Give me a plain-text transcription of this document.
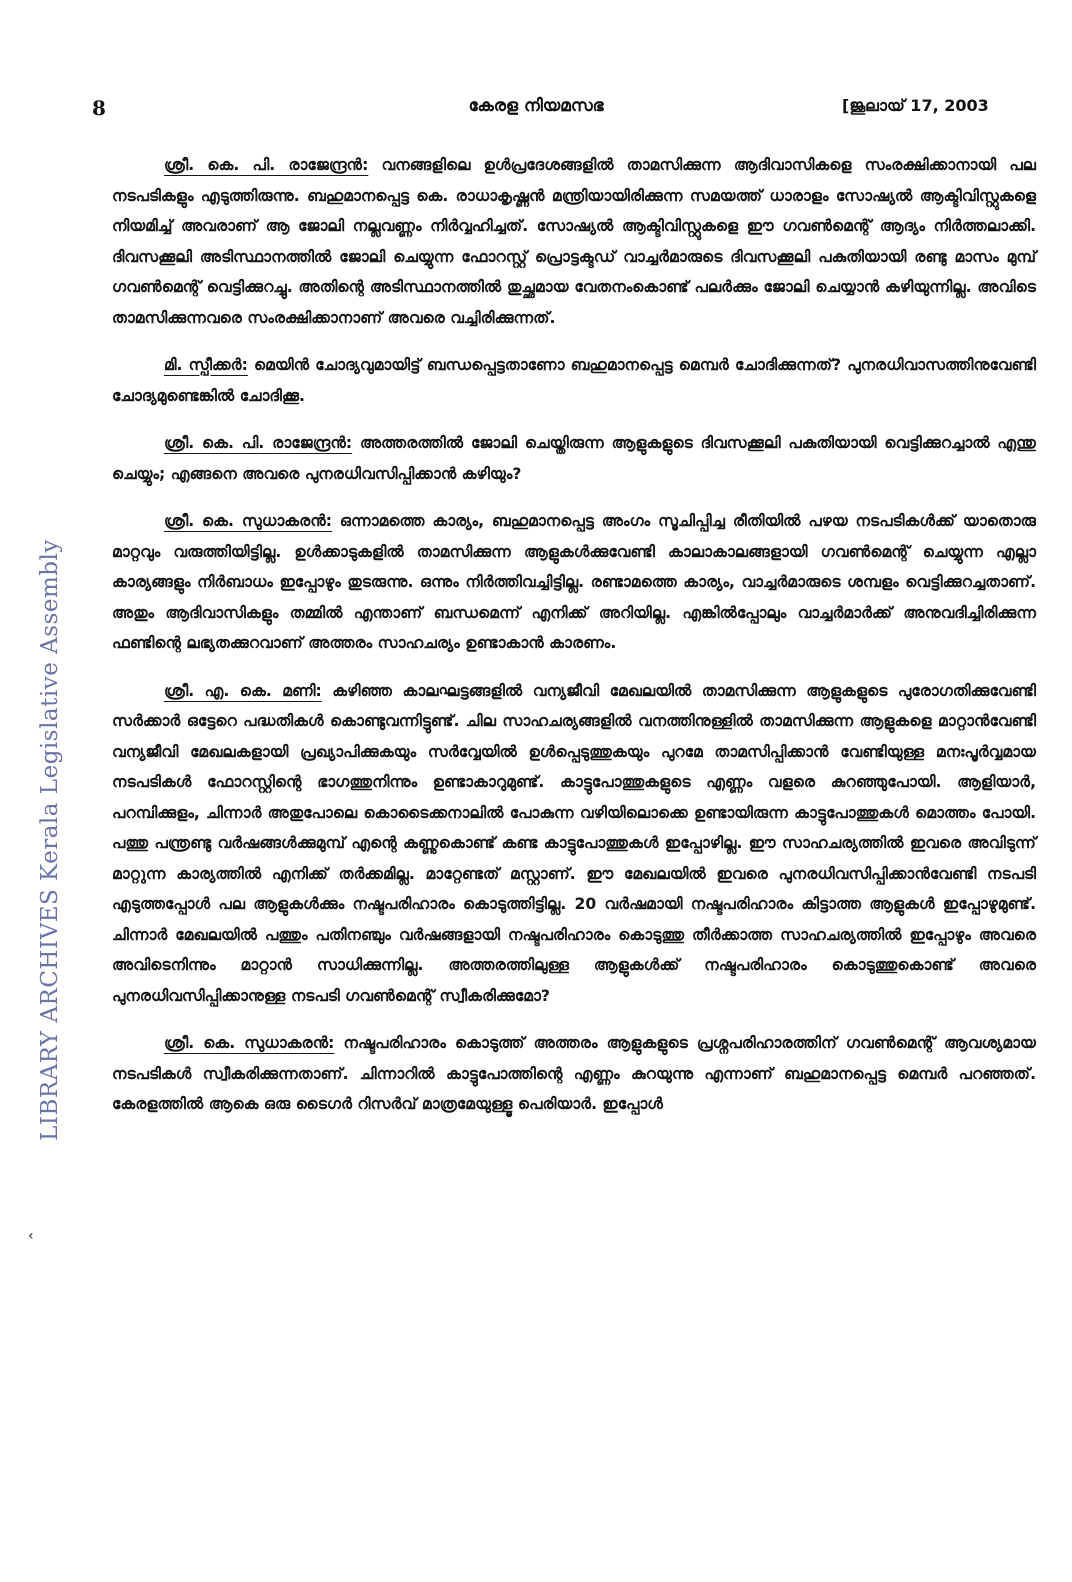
8	കേരള നിയമസഭ	[ജൂലായ് 17, 2003
LIBRARY ARCHIVES Kerala Legislative Assembly

ശ്രീ. കെ. പി. രാജേന്ദ്രൻ: വനങ്ങളിലെ ഉൾപ്രദേശങ്ങളിൽ താമസിക്കുന്ന ആദിവാസികളെ സംരക്ഷിക്കാനായി പല നടപടികളും എടുത്തിരുന്നു. ബഹുമാനപ്പെട്ട കെ. രാധാകൃഷ്ണൻ മന്ത്രിയായിരിക്കുന്ന സമയത്ത് ധാരാളം സോഷ്യൽ ആക്ടിവിസ്റ്റുകളെ നിയമിച്ച് അവരാണ് ആ ജോലി നല്ലവണ്ണം നിർവ്വഹിച്ചത്. സോഷ്യൽ ആക്ടിവിസ്റ്റുകളെ ഈ ഗവൺമെന്റ് ആദ്യം നിർത്തലാക്കി. ദിവസക്കൂലി അടിസ്ഥാനത്തിൽ ജോലി ചെയ്യുന്ന ഫോറസ്റ്റ് പ്രൊട്ടക്ടഡ് വാച്ചർമാരുടെ ദിവസക്കൂലി പകുതിയായി രണ്ടു മാസം മുമ്പ് ഗവൺമെന്റ് വെട്ടിക്കുറച്ചു. അതിന്റെ അടിസ്ഥാനത്തിൽ തുച്ഛമായ വേതനംകൊണ്ട് പലർക്കും ജോലി ചെയ്യാൻ കഴിയുന്നില്ല. അവിടെ താമസിക്കുന്നവരെ സംരക്ഷിക്കാനാണ് അവരെ വച്ചിരിക്കുന്നത്.

മി. സ്പീക്കർ: മെയിൻ ചോദ്യവുമായിട്ട് ബന്ധപ്പെട്ടതാണോ ബഹുമാനപ്പെട്ട മെമ്പർ ചോദിക്കുന്നത്? പുനരധിവാസത്തിനുവേണ്ടി ചോദ്യമുണ്ടെങ്കിൽ ചോദിക്കൂ.

ശ്രീ. കെ. പി. രാജേന്ദ്രൻ: അത്തരത്തിൽ ജോലി ചെയ്തിരുന്ന ആളുകളുടെ ദിവസക്കൂലി പകുതിയായി വെട്ടിക്കുറച്ചാൽ എന്തു ചെയ്യും; എങ്ങനെ അവരെ പുനരധിവസിപ്പിക്കാൻ കഴിയും?

ശ്രീ. കെ. സുധാകരൻ: ഒന്നാമത്തെ കാര്യം, ബഹുമാനപ്പെട്ട അംഗം സൂചിപ്പിച്ച രീതിയിൽ പഴയ നടപടികൾക്ക് യാതൊരു മാറ്റവും വരുത്തിയിട്ടില്ല. ഉൾക്കാടുകളിൽ താമസിക്കുന്ന ആളുകൾക്കുവേണ്ടി കാലാകാലങ്ങളായി ഗവൺമെന്റ് ചെയ്യുന്ന എല്ലാ കാര്യങ്ങളും നിർബാധം ഇപ്പോഴും തുടരുന്നു. ഒന്നും നിർത്തിവച്ചിട്ടില്ല. രണ്ടാമത്തെ കാര്യം, വാച്ചർമാരുടെ ശമ്പളം വെട്ടിക്കുറച്ചതാണ്. അതും ആദിവാസികളും തമ്മിൽ എന്താണ് ബന്ധമെന്ന് എനിക്ക് അറിയില്ല. എങ്കിൽപ്പോലും വാച്ചർമാർക്ക് അനുവദിച്ചിരിക്കുന്ന ഫണ്ടിന്റെ ലഭ്യതക്കുറവാണ് അത്തരം സാഹചര്യം ഉണ്ടാകാൻ കാരണം.

ശ്രീ. എ. കെ. മണി: കഴിഞ്ഞ കാലഘട്ടങ്ങളിൽ വന്യജീവി മേഖലയിൽ താമസിക്കുന്ന ആളുകളുടെ പുരോഗതിക്കുവേണ്ടി സർക്കാർ ഒട്ടേറെ പദ്ധതികൾ കൊണ്ടുവന്നിട്ടുണ്ട്. ചില സാഹചര്യങ്ങളിൽ വനത്തിനുള്ളിൽ താമസിക്കുന്ന ആളുകളെ മാറ്റാൻവേണ്ടി വന്യജീവി മേഖലകളായി പ്രഖ്യാപിക്കുകയും സർവ്വേയിൽ ഉൾപ്പെടുത്തുകയും പുറമേ താമസിപ്പിക്കാൻ വേണ്ടിയുള്ള മനഃപൂർവ്വമായ നടപടികൾ ഫോറസ്റ്റിന്റെ ഭാഗത്തുനിന്നും ഉണ്ടാകാറുമുണ്ട്. കാട്ടുപോത്തുകളുടെ എണ്ണം വളരെ കുറഞ്ഞുപോയി. ആളിയാർ, പറമ്പിക്കുളം, ചിന്നാർ അതുപോലെ കൊടൈക്കനാലിൽ പോകുന്ന വഴിയിലൊക്കെ ഉണ്ടായിരുന്ന കാട്ടുപോത്തുകൾ മൊത്തം പോയി. പത്തു പന്ത്രണ്ടു വർഷങ്ങൾക്കുമുമ്പ് എന്റെ കണ്ണുകൊണ്ട് കണ്ട കാട്ടുപോത്തുകൾ ഇപ്പോഴില്ല. ഈ സാഹചര്യത്തിൽ ഇവരെ അവിടുന്ന് മാറ്റുന്ന കാര്യത്തിൽ എനിക്ക് തർക്കമില്ല. മാറ്റേണ്ടത് മസ്റ്റാണ്. ഈ മേഖലയിൽ ഇവരെ പുനരധിവസിപ്പിക്കാൻവേണ്ടി നടപടി എടുത്തപ്പോൾ പല ആളുകൾക്കും നഷ്ടപരിഹാരം കൊടുത്തിട്ടില്ല. 20 വർഷമായി നഷ്ടപരിഹാരം കിട്ടാത്ത ആളുകൾ ഇപ്പോഴുമുണ്ട്. ചിന്നാർ മേഖലയിൽ പത്തും പതിനഞ്ചും വർഷങ്ങളായി നഷ്ടപരിഹാരം കൊടുത്തു തീർക്കാത്ത സാഹചര്യത്തിൽ ഇപ്പോഴും അവരെ അവിടെനിന്നും മാറ്റാൻ സാധിക്കുന്നില്ല. അത്തരത്തിലുള്ള ആളുകൾക്ക് നഷ്ടപരിഹാരം കൊടുത്തുകൊണ്ട് അവരെ പുനരധിവസിപ്പിക്കാനുള്ള നടപടി ഗവൺമെന്റ് സ്വീകരിക്കുമോ?

ശ്രീ. കെ. സുധാകരൻ: നഷ്ടപരിഹാരം കൊടുത്ത് അത്തരം ആളുകളുടെ പ്രശ്നപരിഹാരത്തിന് ഗവൺമെന്റ് ആവശ്യമായ നടപടികൾ സ്വീകരിക്കുന്നതാണ്. ചിന്നാറിൽ കാട്ടുപോത്തിന്റെ എണ്ണം കുറയുന്നു എന്നാണ് ബഹുമാനപ്പെട്ട മെമ്പർ പറഞ്ഞത്. കേരളത്തിൽ ആകെ ഒരു ടൈഗർ റിസർവ് മാത്രമേയുള്ളൂ പെരിയാർ. ഇപ്പോൾ

‹
